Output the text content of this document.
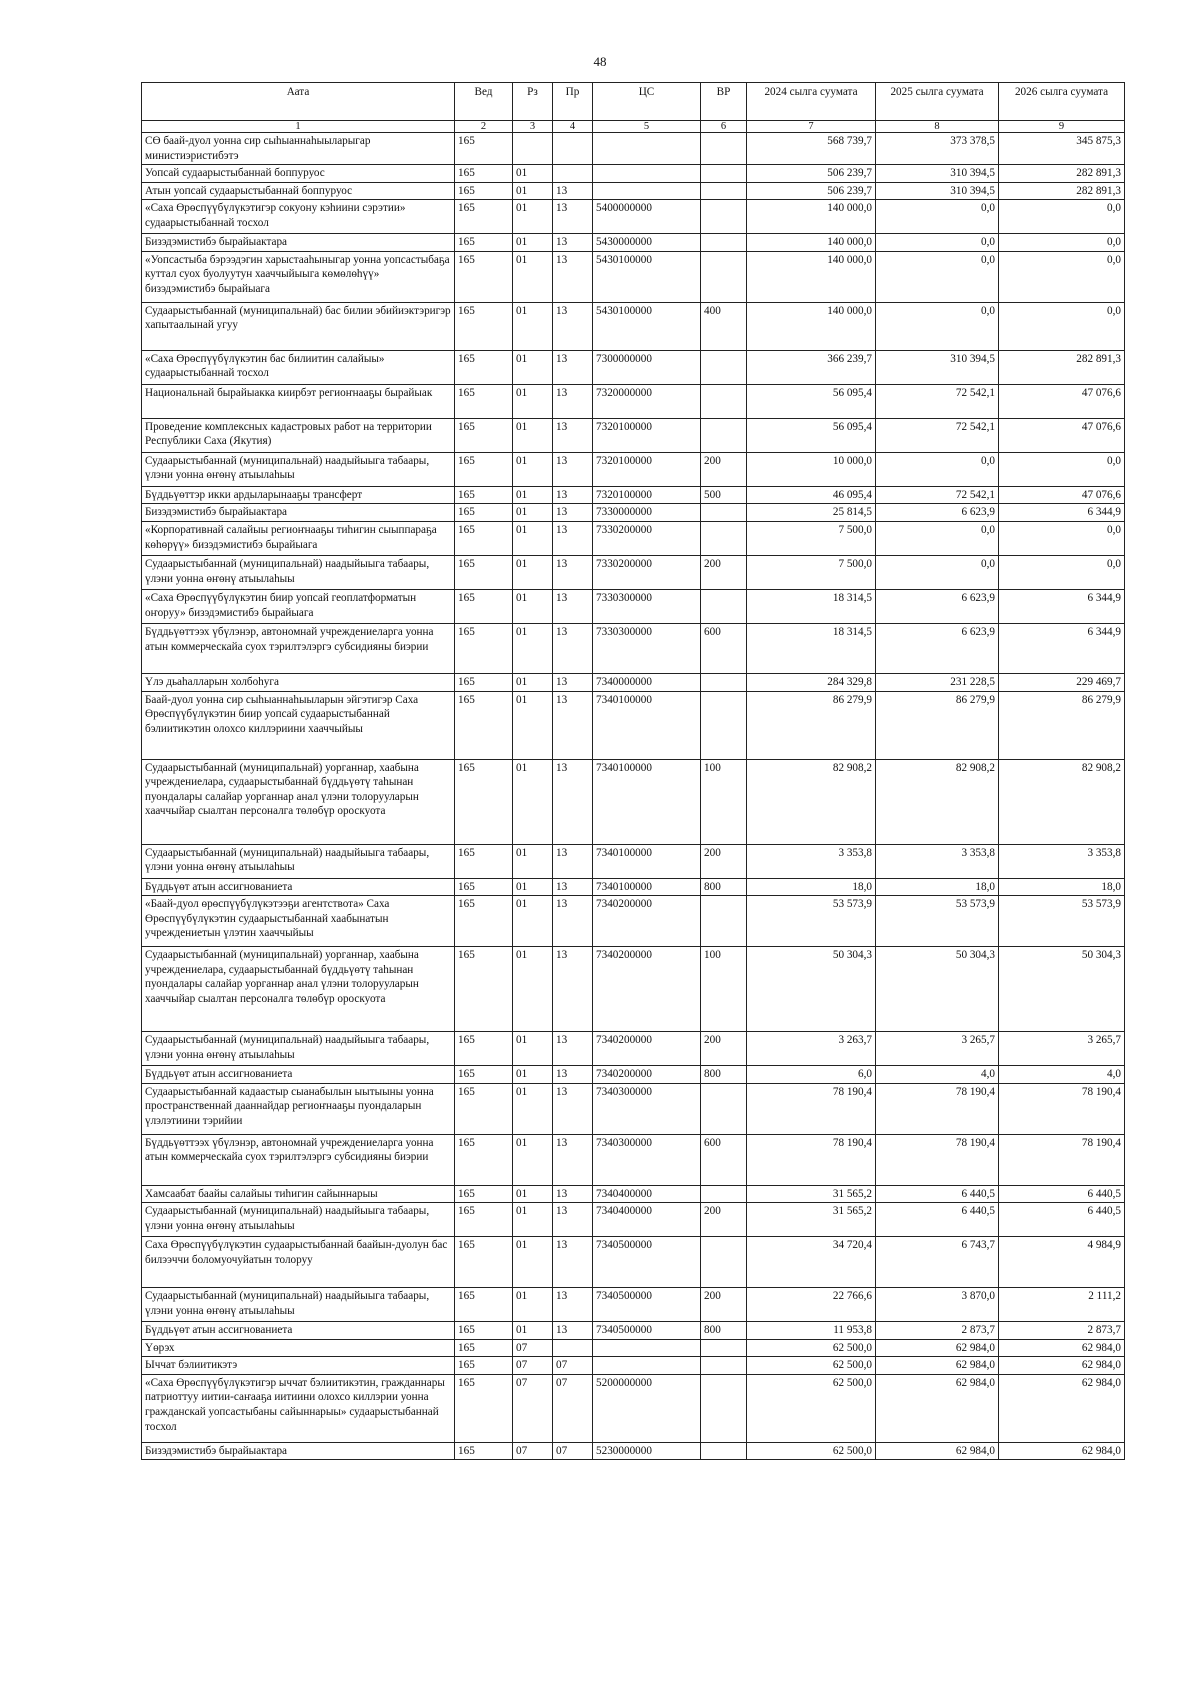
48
Аата	Вед	Рз	Пр	ЦС	ВР	2024 сылга суумата	2025 сылга суумата	2026 сылга суумата
1	2	3	4	5	6	7	8	9
СӨ баай-дуол уонна сир сыһыаннаһыыларыгар министиэристибэтэ	165					568 739,7	373 378,5	345 875,3
Уопсай судаарыстыбаннай боппуруос	165	01				506 239,7	310 394,5	282 891,3
Атын уопсай судаарыстыбаннай боппуруос	165	01	13			506 239,7	310 394,5	282 891,3
«Саха Өрөспүүбүлүкэтигэр сокуону кэһиини сэрэтии» судаарыстыбаннай тосхол	165	01	13	5400000000		140 000,0	0,0	0,0
Бизэдэмистибэ бырайыактара	165	01	13	5430000000		140 000,0	0,0	0,0
«Уопсастыба бэрээдэгин харыстааһыныгар уонна уопсастыбаҕа куттал суох буолуутун хааччыйыыга көмөлөһүү» бизэдэмистибэ бырайыага	165	01	13	5430100000		140 000,0	0,0	0,0
Судаарыстыбаннай (муниципальнай) бас билии эбийиэктэригэр хапытаалынай угуу	165	01	13	5430100000	400	140 000,0	0,0	0,0
«Саха Өрөспүүбүлүкэтин бас билиитин салайыы» судаарыстыбаннай тосхол	165	01	13	7300000000		366 239,7	310 394,5	282 891,3
Национальнай бырайыакка киирбэт региоҥнааҕы бырайыак	165	01	13	7320000000		56 095,4	72 542,1	47 076,6
Проведение комплексных кадастровых работ на территории Республики Саха (Якутия)	165	01	13	7320100000		56 095,4	72 542,1	47 076,6
Судаарыстыбаннай (муниципальнай) наадыйыыга табаары, үлэни уонна өҥөнү атыылаһыы	165	01	13	7320100000	200	10 000,0	0,0	0,0
Бүддьүөттэр икки ардыларынааҕы трансферт	165	01	13	7320100000	500	46 095,4	72 542,1	47 076,6
Бизэдэмистибэ бырайыактара	165	01	13	7330000000		25 814,5	6 623,9	6 344,9
«Корпоративнай салайыы региоҥнааҕы тиһигин сыыппараҕа көһөрүү» бизэдэмистибэ бырайыага	165	01	13	7330200000		7 500,0	0,0	0,0
Судаарыстыбаннай (муниципальнай) наадыйыыга табаары, үлэни уонна өҥөнү атыылаһыы	165	01	13	7330200000	200	7 500,0	0,0	0,0
«Саха Өрөспүүбүлүкэтин биир уопсай геоплатформатын оҥоруу» бизэдэмистибэ бырайыага	165	01	13	7330300000		18 314,5	6 623,9	6 344,9
Бүддьүөттээх үбүлэнэр, автономнай учреждениеларга уонна атын коммерческайа суох тэрилтэлэргэ субсидияны биэрии	165	01	13	7330300000	600	18 314,5	6 623,9	6 344,9
Үлэ дьаһалларын холбоһуга	165	01	13	7340000000		284 329,8	231 228,5	229 469,7
Баай-дуол уонна сир сыһыаннаһыыларын эйгэтигэр Саха Өрөспүүбүлүкэтин биир уопсай судаарыстыбаннай бэлиитикэтин олохсо киллэриини хааччыйыы	165	01	13	7340100000		86 279,9	86 279,9	86 279,9
Судаарыстыбаннай (муниципальнай) уорганнар, хаабына учреждениелара, судаарыстыбаннай бүддьүөтү таһынан пуондалары салайар уорганнар анал үлэни толорууларын хааччыйар сыалтан персоналга төлөбүр ороскуота	165	01	13	7340100000	100	82 908,2	82 908,2	82 908,2
Судаарыстыбаннай (муниципальнай) наадыйыыга табаары, үлэни уонна өҥөнү атыылаһыы	165	01	13	7340100000	200	3 353,8	3 353,8	3 353,8
Бүддьүөт атын ассигнованиета	165	01	13	7340100000	800	18,0	18,0	18,0
«Баай-дуол өрөспүүбүлүкэтээҕи агентствота» Саха Өрөспүүбүлүкэтин судаарыстыбаннай хаабынатын учреждениетын үлэтин хааччыйыы	165	01	13	7340200000		53 573,9	53 573,9	53 573,9
Судаарыстыбаннай (муниципальнай) уорганнар, хаабына учреждениелара, судаарыстыбаннай бүддьүөтү таһынан пуондалары салайар уорганнар анал үлэни толорууларын хааччыйар сыалтан персоналга төлөбүр ороскуота	165	01	13	7340200000	100	50 304,3	50 304,3	50 304,3
Судаарыстыбаннай (муниципальнай) наадыйыыга табаары, үлэни уонна өҥөнү атыылаһыы	165	01	13	7340200000	200	3 263,7	3 265,7	3 265,7
Бүддьүөт атын ассигнованиета	165	01	13	7340200000	800	6,0	4,0	4,0
Судаарыстыбаннай кадаастыр сыанабылын ыытыыны уонна пространственнай дааннайдар региоҥнааҕы пуондаларын үлэлэтиини тэрийии	165	01	13	7340300000		78 190,4	78 190,4	78 190,4
Бүддьүөттээх үбүлэнэр, автономнай учреждениеларга уонна атын коммерческайа суох тэрилтэлэргэ субсидияны биэрии	165	01	13	7340300000	600	78 190,4	78 190,4	78 190,4
Хамсаабат баайы салайыы тиһигин сайыннарыы	165	01	13	7340400000		31 565,2	6 440,5	6 440,5
Судаарыстыбаннай (муниципальнай) наадыйыыга табаары, үлэни уонна өҥөнү атыылаһыы	165	01	13	7340400000	200	31 565,2	6 440,5	6 440,5
Саха Өрөспүүбүлүкэтин судаарыстыбаннай баайын-дуолун бас билээччи боломуочуйатын толоруу	165	01	13	7340500000		34 720,4	6 743,7	4 984,9
Судаарыстыбаннай (муниципальнай) наадыйыыга табаары, үлэни уонна өҥөнү атыылаһыы	165	01	13	7340500000	200	22 766,6	3 870,0	2 111,2
Бүддьүөт атын ассигнованиета	165	01	13	7340500000	800	11 953,8	2 873,7	2 873,7
Үөрэх	165	07				62 500,0	62 984,0	62 984,0
Ыччат бэлиитикэтэ	165	07	07			62 500,0	62 984,0	62 984,0
«Саха Өрөспүүбүлүкэтигэр ыччат бэлиитикэтин, гражданнары патриоттуу иитии-саҥааҕа иитиини олохсо киллэрии уонна гражданскай уопсастыбаны сайыннарыы» судаарыстыбаннай тосхол	165	07	07	5200000000		62 500,0	62 984,0	62 984,0
Бизэдэмистибэ бырайыактара	165	07	07	5230000000		62 500,0	62 984,0	62 984,0
